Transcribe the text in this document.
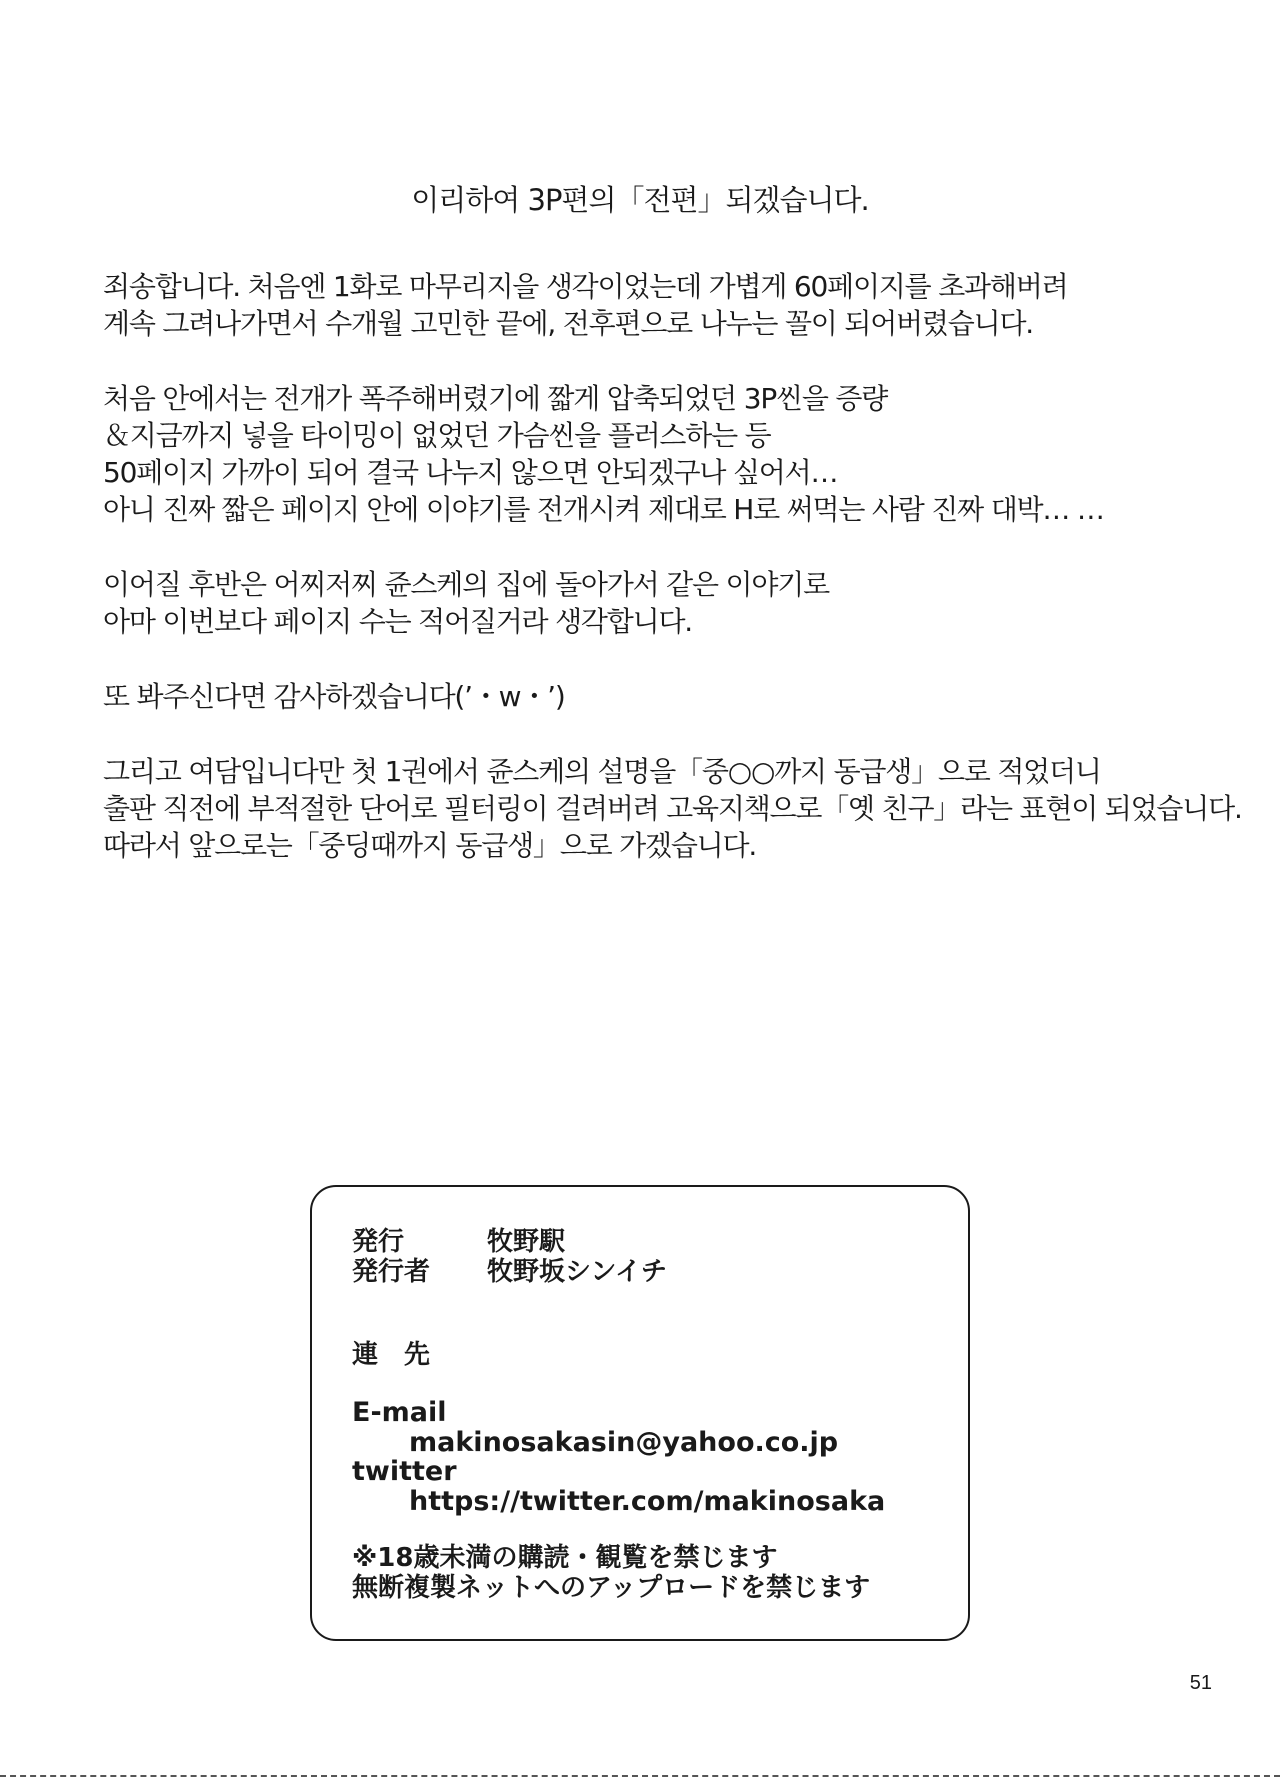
이리하여 3P편의「전편」되겠습니다.
죄송합니다. 처음엔 1화로 마무리지을 생각이었는데 가볍게 60페이지를 초과해버려
계속 그려나가면서 수개월 고민한 끝에, 전후편으로 나누는 꼴이 되어버렸습니다.
처음 안에서는 전개가 폭주해버렸기에 짧게 압축되었던 3P씬을 증량
＆지금까지 넣을 타이밍이 없었던 가슴씬을 플러스하는 등
50페이지 가까이 되어 결국 나누지 않으면 안되겠구나 싶어서…
아니 진짜 짧은 페이지 안에 이야기를 전개시켜 제대로 H로 써먹는 사람 진짜 대박… …
이어질 후반은 어찌저찌 쥰스케의 집에 돌아가서 같은 이야기로
아마 이번보다 페이지 수는 적어질거라 생각합니다.
또 봐주신다면 감사하겠습니다(’・w・’)
그리고 여담입니다만 첫 1권에서 쥰스케의 설명을「중○○까지 동급생」으로 적었더니
출판 직전에 부적절한 단어로 필터링이 걸려버려 고육지책으로「옛 친구」라는 표현이 되었습니다.
따라서 앞으로는「중딩때까지 동급생」으로 가겠습니다.
発行	牧野駅
発行者 牧野坂シンイチ
連　先
E-mail
makinosakasin@yahoo.co.jp
twitter
https://twitter.com/makinosaka
※18歳未満の購読・観覧を禁じます
無断複製ネットへのアップロードを禁じます
51
